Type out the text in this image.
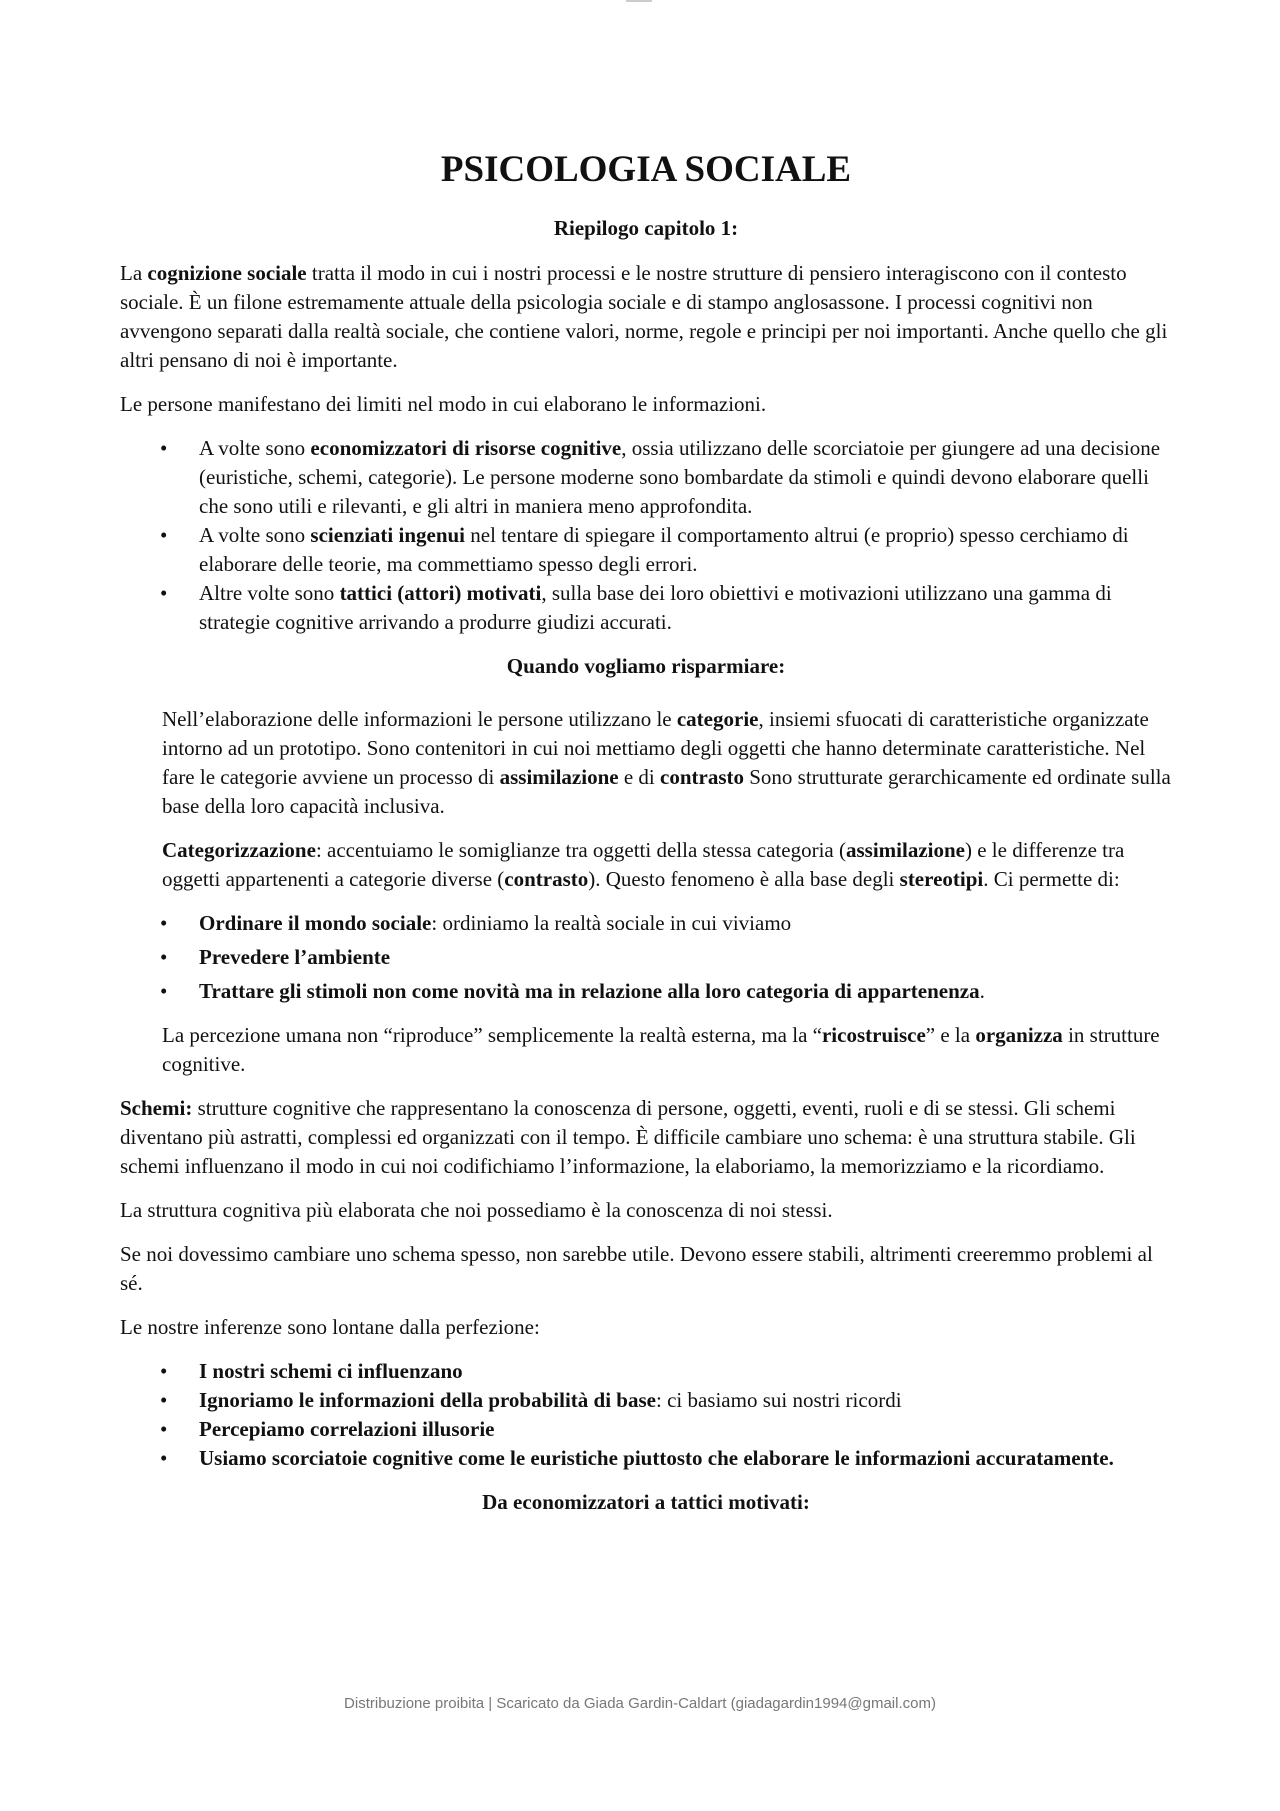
PSICOLOGIA SOCIALE
Riepilogo capitolo 1:

La cognizione sociale tratta il modo in cui i nostri processi e le nostre strutture di pensiero interagiscono con il contesto sociale. È un filone estremamente attuale della psicologia sociale e di stampo anglosassone. I processi cognitivi non avvengono separati dalla realtà sociale, che contiene valori, norme, regole e principi per noi importanti. Anche quello che gli altri pensano di noi è importante.

Le persone manifestano dei limiti nel modo in cui elaborano le informazioni.

• A volte sono economizzatori di risorse cognitive, ossia utilizzano delle scorciatoie per giungere ad una decisione (euristiche, schemi, categorie). Le persone moderne sono bombardate da stimoli e quindi devono elaborare quelli che sono utili e rilevanti, e gli altri in maniera meno approfondita.
• A volte sono scienziati ingenui nel tentare di spiegare il comportamento altrui (e proprio) spesso cerchiamo di elaborare delle teorie, ma commettiamo spesso degli errori.
• Altre volte sono tattici (attori) motivati, sulla base dei loro obiettivi e motivazioni utilizzano una gamma di strategie cognitive arrivando a produrre giudizi accurati.
Quando vogliamo risparmiare:

Nell’elaborazione delle informazioni le persone utilizzano le categorie, insiemi sfuocati di caratteristiche organizzate intorno ad un prototipo. Sono contenitori in cui noi mettiamo degli oggetti che hanno determinate caratteristiche. Nel fare le categorie avviene un processo di assimilazione e di contrasto Sono strutturate gerarchicamente ed ordinate sulla base della loro capacità inclusiva.

Categorizzazione: accentuiamo le somiglianze tra oggetti della stessa categoria (assimilazione) e le differenze tra oggetti appartenenti a categorie diverse (contrasto). Questo fenomeno è alla base degli stereotipi. Ci permette di:

• Ordinare il mondo sociale: ordiniamo la realtà sociale in cui viviamo
• Prevedere l’ambiente
• Trattare gli stimoli non come novità ma in relazione alla loro categoria di appartenenza.

La percezione umana non “riproduce” semplicemente la realtà esterna, ma la “ricostruisce” e la organizza in strutture cognitive.

Schemi: strutture cognitive che rappresentano la conoscenza di persone, oggetti, eventi, ruoli e di se stessi. Gli schemi diventano più astratti, complessi ed organizzati con il tempo. È difficile cambiare uno schema: è una struttura stabile. Gli schemi influenzano il modo in cui noi codifichiamo l’informazione, la elaboriamo, la memorizziamo e la ricordiamo.

La struttura cognitiva più elaborata che noi possediamo è la conoscenza di noi stessi.

Se noi dovessimo cambiare uno schema spesso, non sarebbe utile. Devono essere stabili, altrimenti creeremmo problemi al sé.

Le nostre inferenze sono lontane dalla perfezione:

• I nostri schemi ci influenzano
• Ignoriamo le informazioni della probabilità di base: ci basiamo sui nostri ricordi
• Percepiamo correlazioni illusorie
• Usiamo scorciatoie cognitive come le euristiche piuttosto che elaborare le informazioni accuratamente.
Da economizzatori a tattici motivati:
Distribuzione proibita | Scaricato da Giada Gardin-Caldart (giadagardin1994@gmail.com)
